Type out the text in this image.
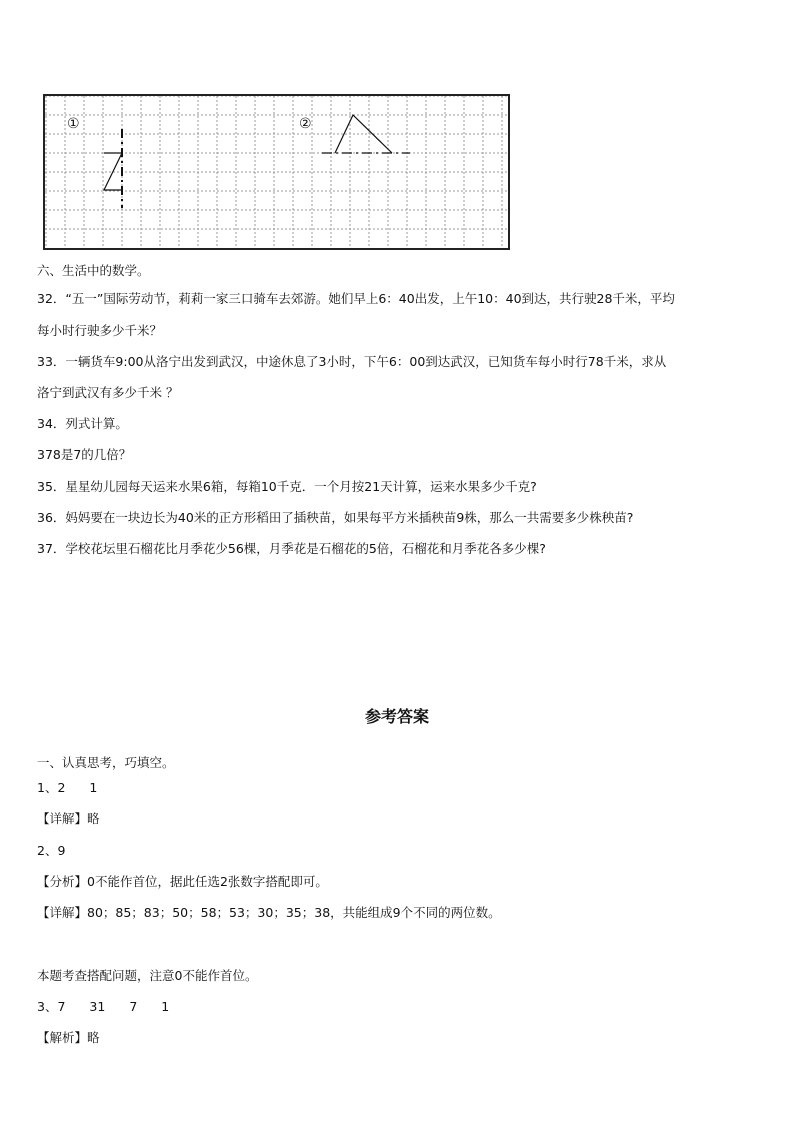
①	②
六、生活中的数学。
32．“五一”国际劳动节，莉莉一家三口骑车去郊游。她们早上6：40出发，上午10：40到达，共行驶28千米，平均
每小时行驶多少千米？
33．一辆货车9:00从洛宁出发到武汉，中途休息了3小时，下午6：00到达武汉，已知货车每小时行78千米，求从
洛宁到武汉有多少千米 ？
34．列式计算。
378是7的几倍？
35．星星幼儿园每天运来水果6箱，每箱10千克．一个月按21天计算，运来水果多少千克?
36．妈妈要在一块边长为40米的正方形稻田了插秧苗，如果每平方米插秧苗9株，那么一共需要多少株秧苗?
37．学校花坛里石榴花比月季花少56棵，月季花是石榴花的5倍，石榴花和月季花各多少棵?
参考答案
一、认真思考，巧填空。
1、2 1
【详解】略
2、9
【分析】0不能作首位，据此任选2张数字搭配即可。
【详解】80；85；83；50；58；53；30；35；38，共能组成9个不同的两位数。
本题考查搭配问题，注意0不能作首位。
3、7 31 7 1
【解析】略
